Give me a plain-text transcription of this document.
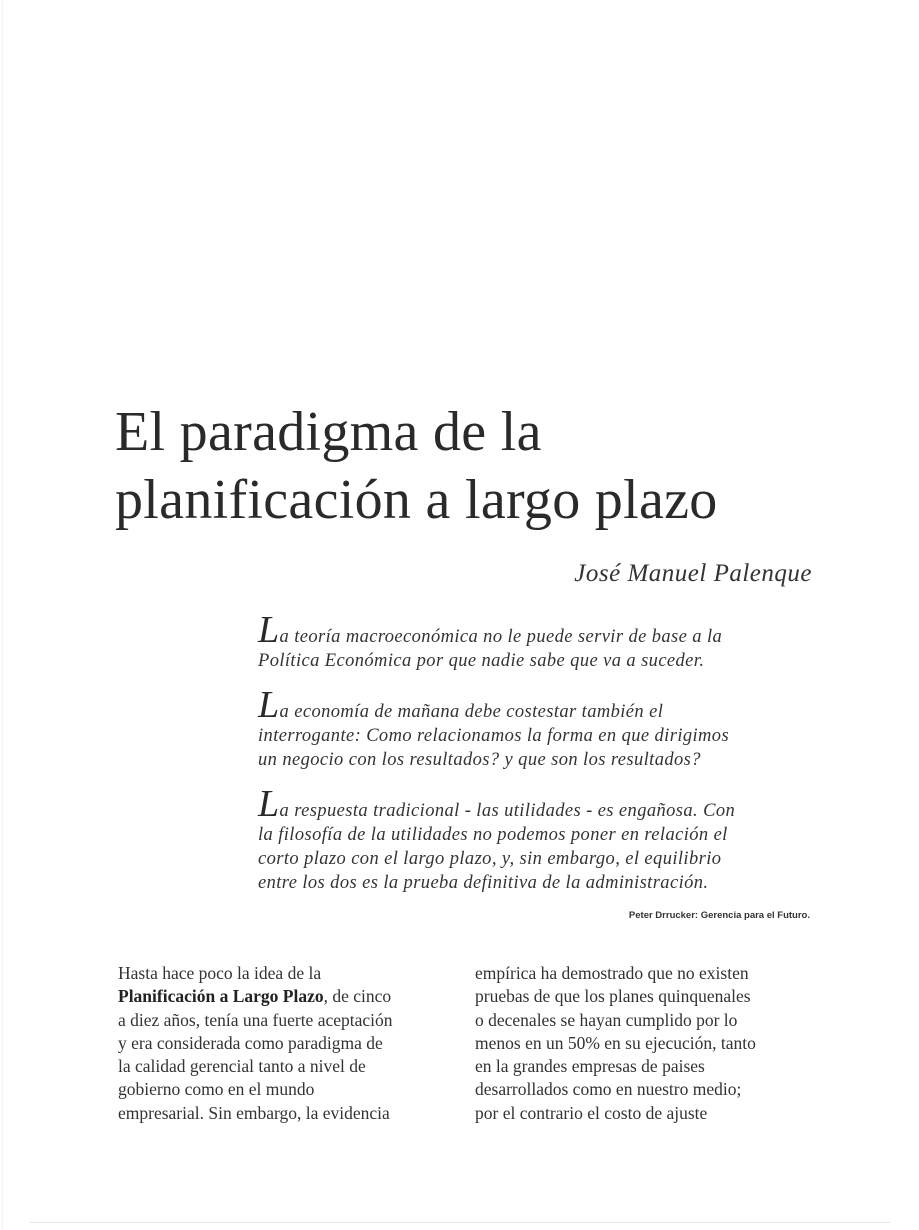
El paradigma de la
planificación a largo plazo
José Manuel Palenque

La teoría macroeconómica no le puede servir de base a la
Política Económica por que nadie sabe que va a suceder.

La economía de mañana debe costestar también el
interrogante: Como relacionamos la forma en que dirigimos
un negocio con los resultados? y que son los resultados?

La respuesta tradicional - las utilidades - es engañosa. Con
la filosofía de la utilidades no podemos poner en relación el
corto plazo con el largo plazo, y, sin embargo, el equilibrio
entre los dos es la prueba definitiva de la administración.

Peter Drrucker: Gerencia para el Futuro.
Hasta hace poco la idea de la
Planificación a Largo Plazo, de cinco
a diez años, tenía una fuerte aceptación
y era considerada como paradigma de
la calidad gerencial tanto a nivel de
gobierno como en el mundo
empresarial. Sin embargo, la evidencia
empírica ha demostrado que no existen
pruebas de que los planes quinquenales
o decenales se hayan cumplido por lo
menos en un 50% en su ejecución, tanto
en la grandes empresas de paises
desarrollados como en nuestro medio;
por el contrario el costo de ajuste
